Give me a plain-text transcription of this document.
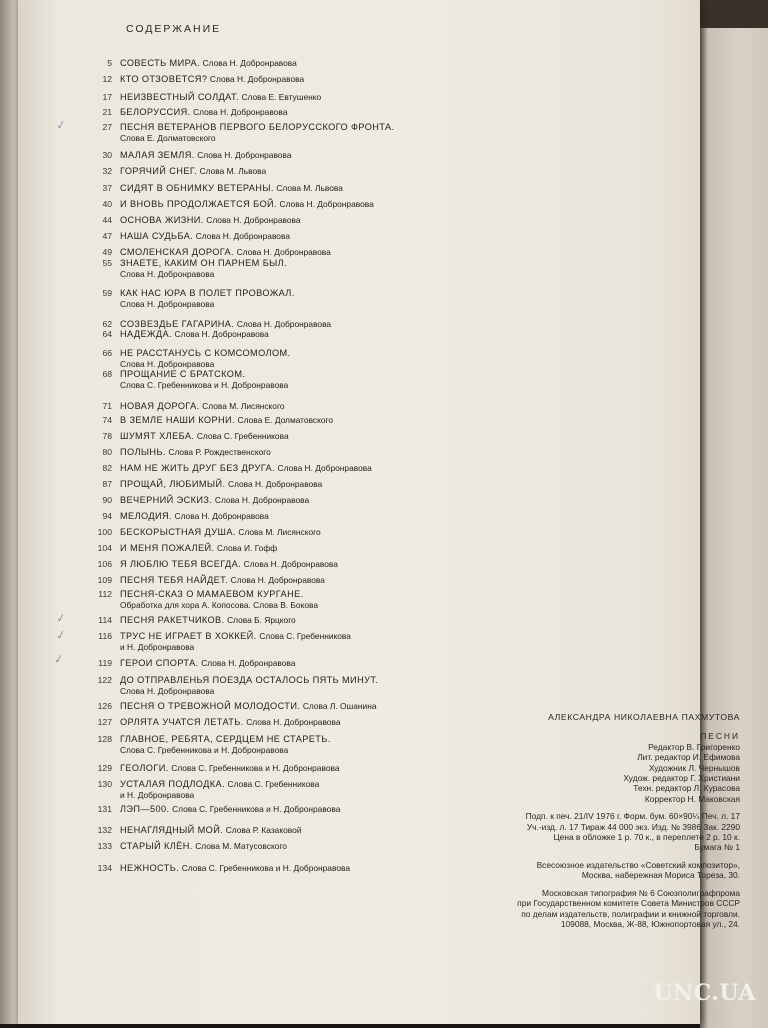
СОДЕРЖАНИЕ
5 СОВЕСТЬ МИРА. Слова Н. Добронравова
12 КТО ОТЗОВЕТСЯ? Слова Н. Добронравова
17 НЕИЗВЕСТНЫЙ СОЛДАТ. Слова Е. Евтушенко
21 БЕЛОРУССИЯ. Слова Н. Добронравова
27 ПЕСНЯ ВЕТЕРАНОВ ПЕРВОГО БЕЛОРУССКОГО ФРОНТА.
Слова Е. Долматовского
30 МАЛАЯ ЗЕМЛЯ. Слова Н. Добронравова
32 ГОРЯЧИЙ СНЕГ. Слова М. Львова
37 СИДЯТ В ОБНИМКУ ВЕТЕРАНЫ. Слова М. Львова
40 И ВНОВЬ ПРОДОЛЖАЕТСЯ БОЙ. Слова Н. Добронравова
44 ОСНОВА ЖИЗНИ. Слова Н. Добронравова
47 НАША СУДЬБА. Слова Н. Добронравова
49 СМОЛЕНСКАЯ ДОРОГА. Слова Н. Добронравова
55 ЗНАЕТЕ, КАКИМ ОН ПАРНЕМ БЫЛ.
Слова Н. Добронравова
59 КАК НАС ЮРА В ПОЛЕТ ПРОВОЖАЛ.
Слова Н. Добронравова
62 СОЗВЕЗДЬЕ ГАГАРИНА. Слова Н. Добронравова
64 НАДЕЖДА. Слова Н. Добронравова
66 НЕ РАССТАНУСЬ С КОМСОМОЛОМ.
Слова Н. Добронравова
68 ПРОЩАНИЕ С БРАТСКОМ.
Слова С. Гребенникова и Н. Добронравова
71 НОВАЯ ДОРОГА. Слова М. Лисянского
74 В ЗЕМЛЕ НАШИ КОРНИ. Слова Е. Долматовского
78 ШУМЯТ ХЛЕБА. Слова С. Гребенникова
80 ПОЛЫНЬ. Слова Р. Рождественского
82 НАМ НЕ ЖИТЬ ДРУГ БЕЗ ДРУГА. Слова Н. Добронравова
87 ПРОЩАЙ, ЛЮБИМЫЙ. Слова Н. Добронравова
90 ВЕЧЕРНИЙ ЭСКИЗ. Слова Н. Добронравова
94 МЕЛОДИЯ. Слова Н. Добронравова
100 БЕСКОРЫСТНАЯ ДУША. Слова М. Лисянского
104 И МЕНЯ ПОЖАЛЕЙ. Слова И. Гофф
106 Я ЛЮБЛЮ ТЕБЯ ВСЕГДА. Слова Н. Добронравова
109 ПЕСНЯ ТЕБЯ НАЙДЕТ. Слова Н. Добронравова
112 ПЕСНЯ-СКАЗ О МАМАЕВОМ КУРГАНЕ.
Обработка для хора А. Копосова. Слова В. Бокова
114 ПЕСНЯ РАКЕТЧИКОВ. Слова Б. Ярцкого
116 ТРУС НЕ ИГРАЕТ В ХОККЕЙ. Слова С. Гребенникова
и Н. Добронравова
119 ГЕРОИ СПОРТА. Слова Н. Добронравова
122 ДО ОТПРАВЛЕНЬЯ ПОЕЗДА ОСТАЛОСЬ ПЯТЬ МИНУТ.
Слова Н. Добронравова
126 ПЕСНЯ О ТРЕВОЖНОЙ МОЛОДОСТИ. Слова Л. Ошанина
127 ОРЛЯТА УЧАТСЯ ЛЕТАТЬ. Слова Н. Добронравова
128 ГЛАВНОЕ, РЕБЯТА, СЕРДЦЕМ НЕ СТАРЕТЬ.
Слова С. Гребенникова и Н. Добронравова
129 ГЕОЛОГИ. Слова С. Гребенникова и Н. Добронравова
130 УСТАЛАЯ ПОДЛОДКА. Слова С. Гребенникова
и Н. Добронравова
131 ЛЭП—500. Слова С. Гребенникова и Н. Добронравова
132 НЕНАГЛЯДНЫЙ МОЙ. Слова Р. Казаковой
133 СТАРЫЙ КЛЁН. Слова М. Матусовского
134 НЕЖНОСТЬ. Слова С. Гребенникова и Н. Добронравова
✓
✓
✓
✓
АЛЕКСАНДРА НИКОЛАЕВНА ПАХМУТОВА
ПЕСНИ
Редактор В. Григоренко
Лит. редактор И. Ефимова
Художник Л. Чернышов
Худож. редактор Г. Христиани
Техн. редактор Л. Курасова
Корректор Н. Маковская
Подп. к печ. 21/IV 1976 г. Форм. бум. 60×90¼ Печ. л. 17
Уч.-изд. л. 17 Тираж 44 000 экз. Изд. № 3986 Зак. 2290
Цена в обложке 1 р. 70 к., в переплете 2 р. 10 к.
Бумага № 1
Всесоюзное издательство «Советский композитор»,
Москва, набережная Мориса Тореза, 30.
Московская типография № 6 Союзполиграфпрома
при Государственном комитете Совета Министров СССР
по делам издательств, полиграфии и книжной торговли.
109088, Москва, Ж-88, Южнопортовая ул., 24.
UNC.UA
